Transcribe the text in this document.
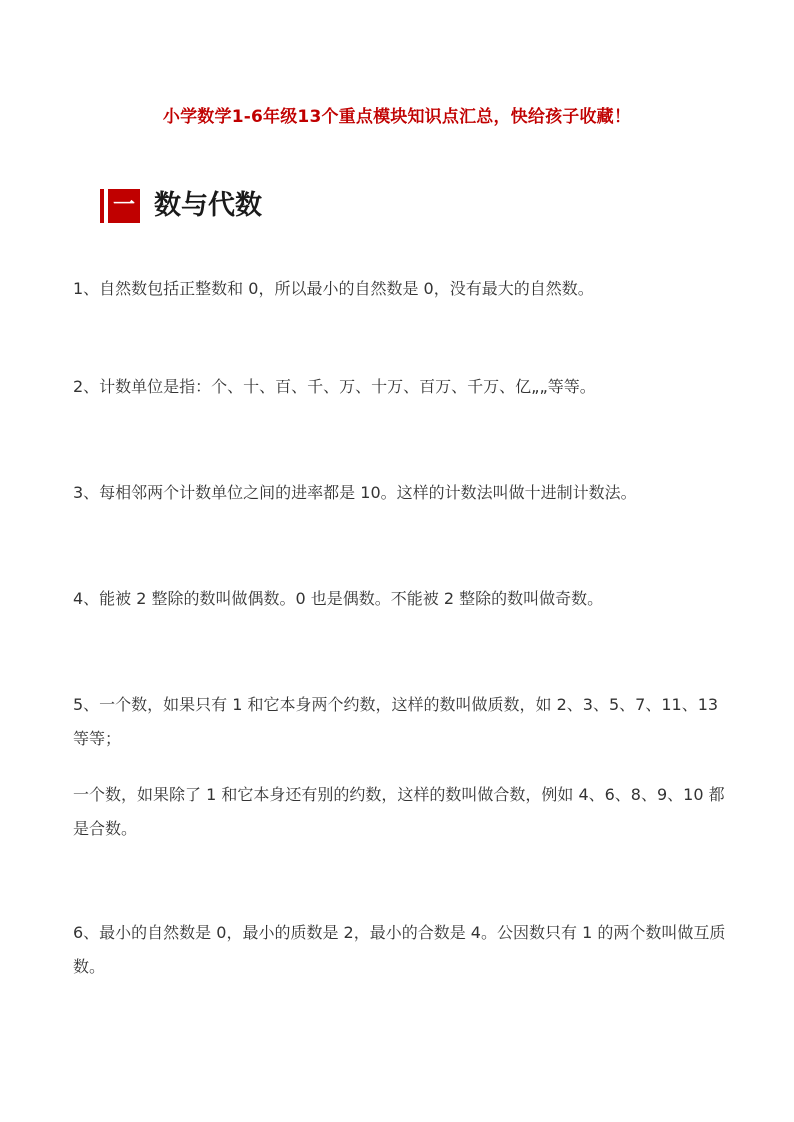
小学数学1-6年级13个重点模块知识点汇总，快给孩子收藏！
一 数与代数

1、自然数包括正整数和 0，所以最小的自然数是 0，没有最大的自然数。

2、计数单位是指：个、十、百、千、万、十万、百万、千万、亿„„等等。

3、每相邻两个计数单位之间的进率都是 10。这样的计数法叫做十进制计数法。

4、能被 2 整除的数叫做偶数。0 也是偶数。不能被 2 整除的数叫做奇数。

5、一个数，如果只有 1 和它本身两个约数，这样的数叫做质数，如 2、3、5、7、11、13 等等；

一个数，如果除了 1 和它本身还有别的约数，这样的数叫做合数，例如 4、6、8、9、10 都是合数。

6、最小的自然数是 0，最小的质数是 2，最小的合数是 4。公因数只有 1 的两个数叫做互质数。
